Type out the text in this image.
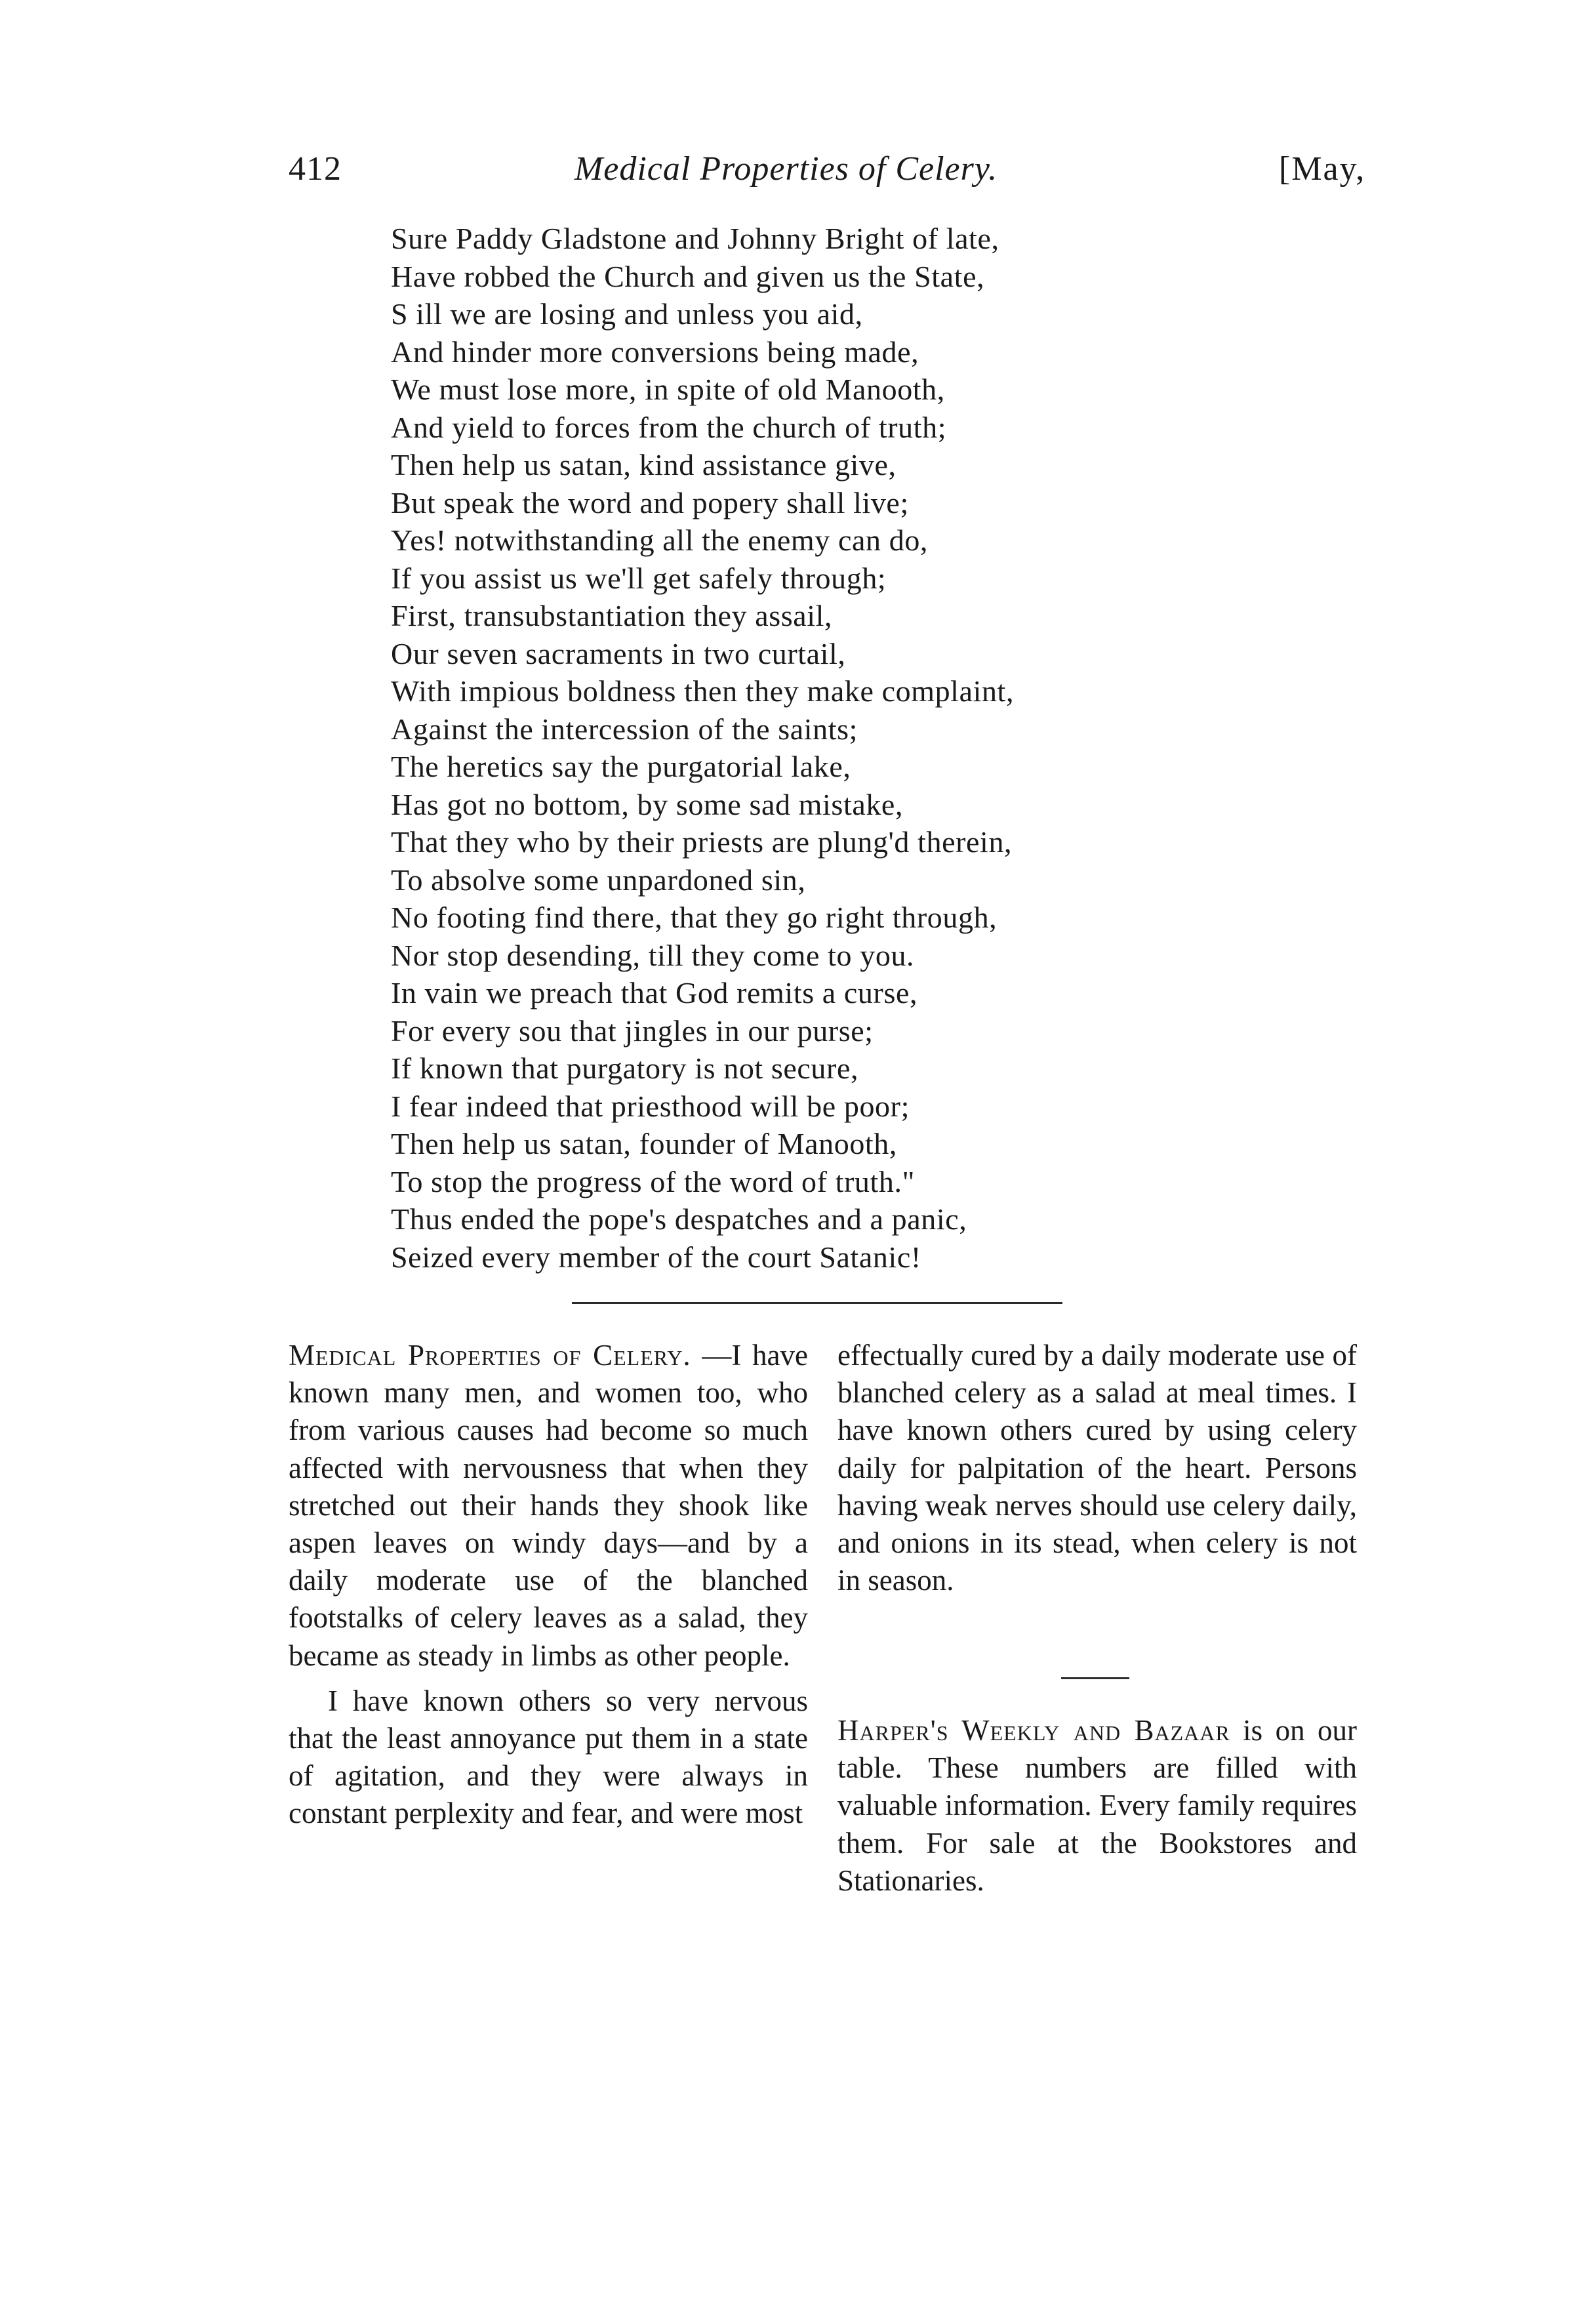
412	Medical Properties of Celery.	[May,
Sure Paddy Gladstone and Johnny Bright of late,
Have robbed the Church and given us the State,
S ill we are losing and unless you aid,
And hinder more conversions being made,
We must lose more, in spite of old Manooth,
And yield to forces from the church of truth;
Then help us satan, kind assistance give,
But speak the word and popery shall live;
Yes! notwithstanding all the enemy can do,
If you assist us we'll get safely through;
First, transubstantiation they assail,
Our seven sacraments in two curtail,
With impious boldness then they make complaint,
Against the intercession of the saints;
The heretics say the purgatorial lake,
Has got no bottom, by some sad mistake,
That they who by their priests are plung'd therein,
To absolve some unpardoned sin,
No footing find there, that they go right through,
Nor stop desending, till they come to you.
In vain we preach that God remits a curse,
For every sou that jingles in our purse;
If known that purgatory is not secure,
I fear indeed that priesthood will be poor;
Then help us satan, founder of Manooth,
To stop the progress of the word of truth."
Thus ended the pope's despatches and a panic,
Seized every member of the court Satanic!

Medical Properties of Celery. —I have known many men, and women too, who from various causes had become so much affected with nervousness that when they stretched out their hands they shook like aspen leaves on windy days—and by a daily moderate use of the blanched footstalks of celery leaves as a salad, they became as steady in limbs as other people.

I have known others so very nervous that the least annoyance put them in a state of agitation, and they were always in constant perplexity and fear, and were most

effectually cured by a daily moderate use of blanched celery as a salad at meal times. I have known others cured by using celery daily for palpitation of the heart. Persons having weak nerves should use celery daily, and onions in its stead, when celery is not in season.

Harper's Weekly and Bazaar is on our table. These numbers are filled with valuable information. Every family requires them. For sale at the Bookstores and Stationaries.
